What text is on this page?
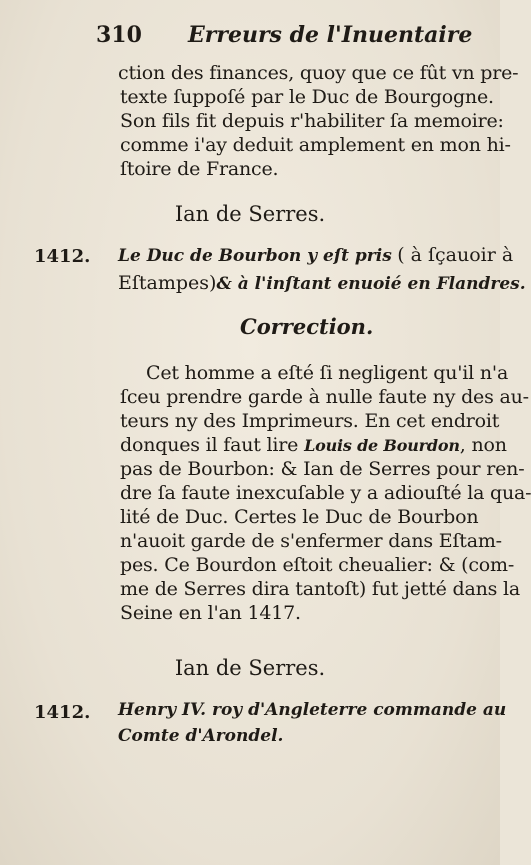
310 Erreurs de l'Inuentaire
ction des finances, quoy que ce fût vn pre-
texte ſuppoſé par le Duc de Bourgogne.
Son fils fit depuis r'habiliter ſa memoire:
comme i'ay deduit amplement en mon hi-
ſtoire de France.
Ian de Serres.
1412. Le Duc de Bourbon y eſt pris ( à ſçauoir à
Eſtampes)& à l'inſtant enuoié en Flandres.
Correction.
Cet homme a eſté ſi negligent qu'il n'a
ſceu prendre garde à nulle faute ny des au-
teurs ny des Imprimeurs. En cet endroit
donques il faut lire Louis de Bourdon, non
pas de Bourbon: & Ian de Serres pour ren-
dre ſa faute inexcuſable y a adiouſté la qua-
lité de Duc. Certes le Duc de Bourbon
n'auoit garde de s'enfermer dans Eſtam-
pes. Ce Bourdon eſtoit cheualier: & (com-
me de Serres dira tantoſt) fut jetté dans la
Seine en l'an 1417.
Ian de Serres.
1412. Henry IV. roy d'Angleterre commande au
Comte d'Arondel.
